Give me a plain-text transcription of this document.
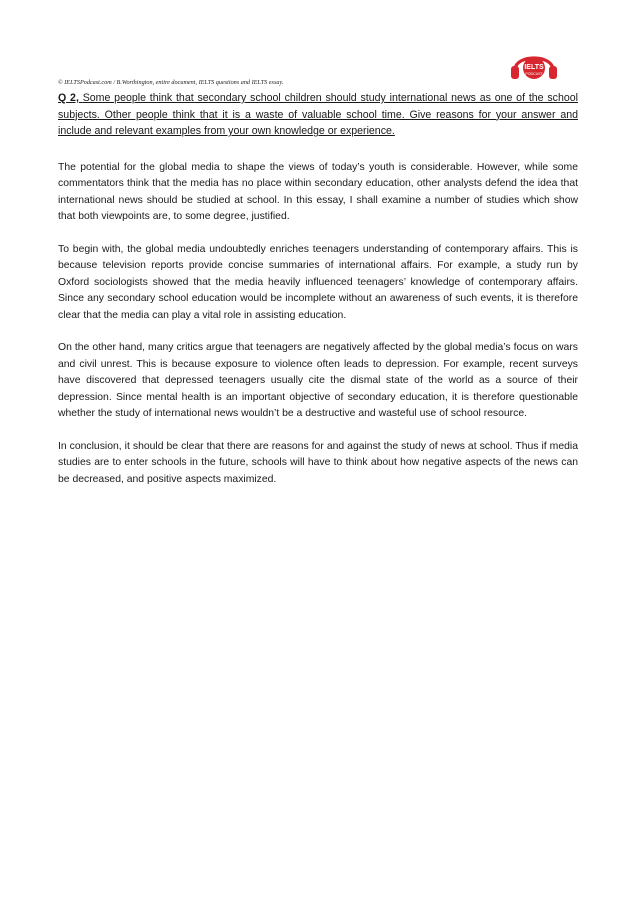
IELTS
PODCAST
© IELTSPodcast.com / B.Worthington, entire document, IELTS questions and IELTS essay.

Q 2, Some people think that secondary school children should study international news as one of the school subjects. Other people think that it is a waste of valuable school time. Give reasons for your answer and include and relevant examples from your own knowledge or experience.

The potential for the global media to shape the views of today’s youth is considerable. However, while some commentators think that the media has no place within secondary education, other analysts defend the idea that international news should be studied at school. In this essay, I shall examine a number of studies which show that both viewpoints are, to some degree, justified.

To begin with, the global media undoubtedly enriches teenagers understanding of contemporary affairs. This is because television reports provide concise summaries of international affairs. For example, a study run by Oxford sociologists showed that the media heavily influenced teenagers’ knowledge of contemporary affairs. Since any secondary school education would be incomplete without an awareness of such events, it is therefore clear that the media can play a vital role in assisting education.

On the other hand, many critics argue that teenagers are negatively affected by the global media’s focus on wars and civil unrest. This is because exposure to violence often leads to depression. For example, recent surveys have discovered that depressed teenagers usually cite the dismal state of the world as a source of their depression. Since mental health is an important objective of secondary education, it is therefore questionable whether the study of international news wouldn’t be a destructive and wasteful use of school resource.

In conclusion, it should be clear that there are reasons for and against the study of news at school. Thus if media studies are to enter schools in the future, schools will have to think about how negative aspects of the news can be decreased, and positive aspects maximized.
